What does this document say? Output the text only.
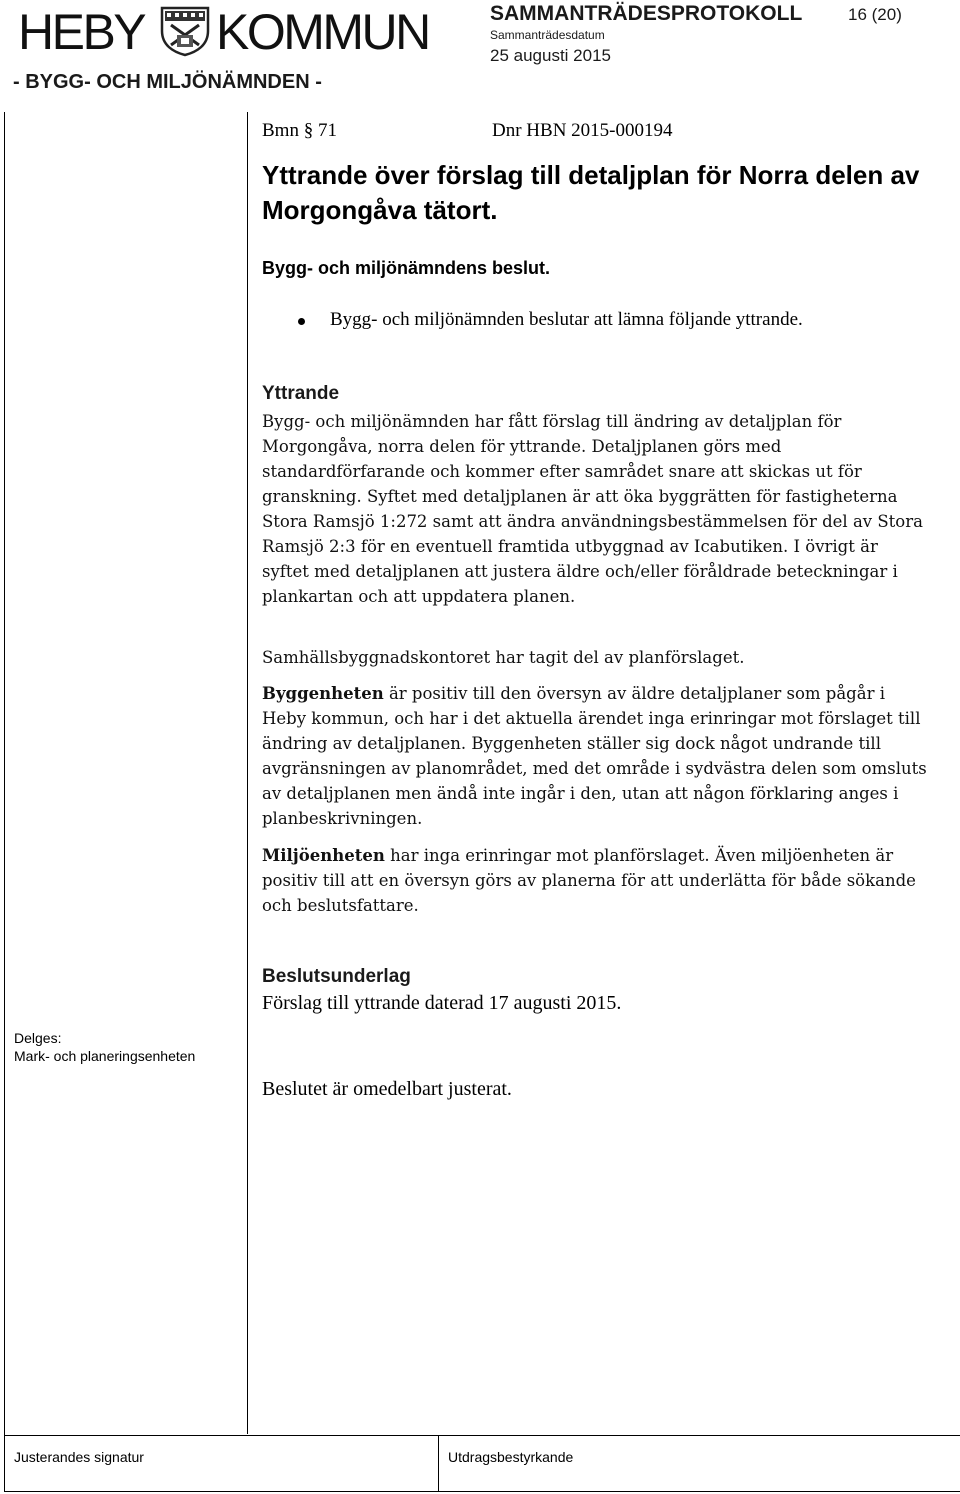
HEBY KOMMUN
- BYGG- OCH MILJÖNÄMNDEN -
SAMMANTRÄDESPROTOKOLL	16 (20)
Sammanträdesdatum
25 augusti 2015
Bmn § 71	Dnr HBN 2015-000194
Yttrande över förslag till detaljplan för Norra delen av Morgongåva tätort.
Bygg- och miljönämndens beslut.
Bygg- och miljönämnden beslutar att lämna följande yttrande.
Yttrande

Bygg- och miljönämnden har fått förslag till ändring av detaljplan för Morgongåva, norra delen för yttrande. Detaljplanen görs med standardförfarande och kommer efter samrådet snare att skickas ut för granskning. Syftet med detaljplanen är att öka byggrätten för fastigheterna Stora Ramsjö 1:272 samt att ändra användningsbestämmelsen för del av Stora Ramsjö 2:3 för en eventuell framtida utbyggnad av Icabutiken. I övrigt är syftet med detaljplanen att justera äldre och/eller föråldrade beteckningar i plankartan och att uppdatera planen.

Samhällsbyggnadskontoret har tagit del av planförslaget.

Byggenheten är positiv till den översyn av äldre detaljplaner som pågår i Heby kommun, och har i det aktuella ärendet inga erinringar mot förslaget till ändring av detaljplanen. Byggenheten ställer sig dock något undrande till avgränsningen av planområdet, med det område i sydvästra delen som omsluts av detaljplanen men ändå inte ingår i den, utan att någon förklaring anges i planbeskrivningen.

Miljöenheten har inga erinringar mot planförslaget. Även miljöenheten är positiv till att en översyn görs av planerna för att underlätta för både sökande och beslutsfattare.

Beslutsunderlag
Förslag till yttrande daterad 17 augusti 2015.
Beslutet är omedelbart justerat.
Delges:
Mark- och planeringsenheten
Justerandes signatur	Utdragsbestyrkande
